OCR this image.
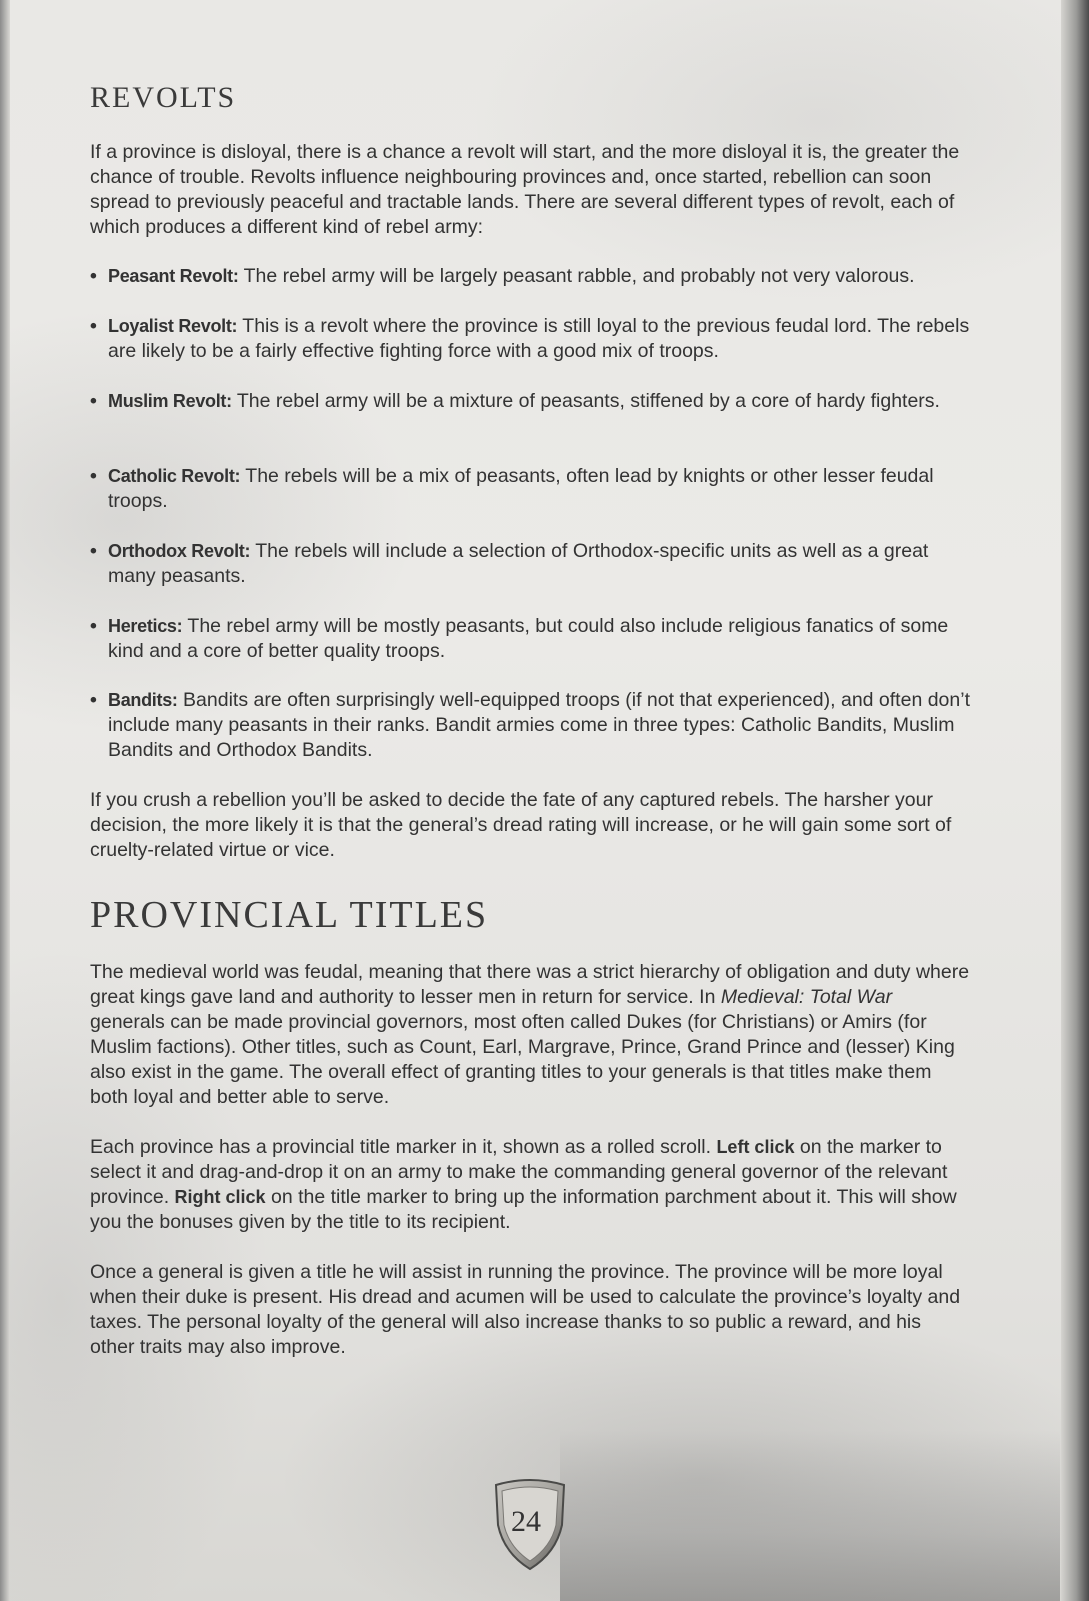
REVOLTS

If a province is disloyal, there is a chance a revolt will start, and the more disloyal it is, the greater the chance of trouble. Revolts influence neighbouring provinces and, once started, rebellion can soon spread to previously peaceful and tractable lands. There are several different types of revolt, each of which produces a different kind of rebel army:

• Peasant Revolt: The rebel army will be largely peasant rabble, and probably not very valorous.

• Loyalist Revolt: This is a revolt where the province is still loyal to the previous feudal lord. The rebels are likely to be a fairly effective fighting force with a good mix of troops.

• Muslim Revolt: The rebel army will be a mixture of peasants, stiffened by a core of hardy fighters.

• Catholic Revolt: The rebels will be a mix of peasants, often lead by knights or other lesser feudal troops.

• Orthodox Revolt: The rebels will include a selection of Orthodox-specific units as well as a great many peasants.

• Heretics: The rebel army will be mostly peasants, but could also include religious fanatics of some kind and a core of better quality troops.

• Bandits: Bandits are often surprisingly well-equipped troops (if not that experienced), and often don’t include many peasants in their ranks. Bandit armies come in three types: Catholic Bandits, Muslim Bandits and Orthodox Bandits.

If you crush a rebellion you’ll be asked to decide the fate of any captured rebels. The harsher your decision, the more likely it is that the general’s dread rating will increase, or he will gain some sort of cruelty-related virtue or vice.

PROVINCIAL TITLES

The medieval world was feudal, meaning that there was a strict hierarchy of obligation and duty where great kings gave land and authority to lesser men in return for service. In Medieval: Total War generals can be made provincial governors, most often called Dukes (for Christians) or Amirs (for Muslim factions). Other titles, such as Count, Earl, Margrave, Prince, Grand Prince and (lesser) King also exist in the game. The overall effect of granting titles to your generals is that titles make them both loyal and better able to serve.

Each province has a provincial title marker in it, shown as a rolled scroll. Left click on the marker to select it and drag-and-drop it on an army to make the commanding general governor of the relevant province. Right click on the title marker to bring up the information parchment about it. This will show you the bonuses given by the title to its recipient.

Once a general is given a title he will assist in running the province. The province will be more loyal when their duke is present. His dread and acumen will be used to calculate the province’s loyalty and taxes. The personal loyalty of the general will also increase thanks to so public a reward, and his other traits may also improve.

24
